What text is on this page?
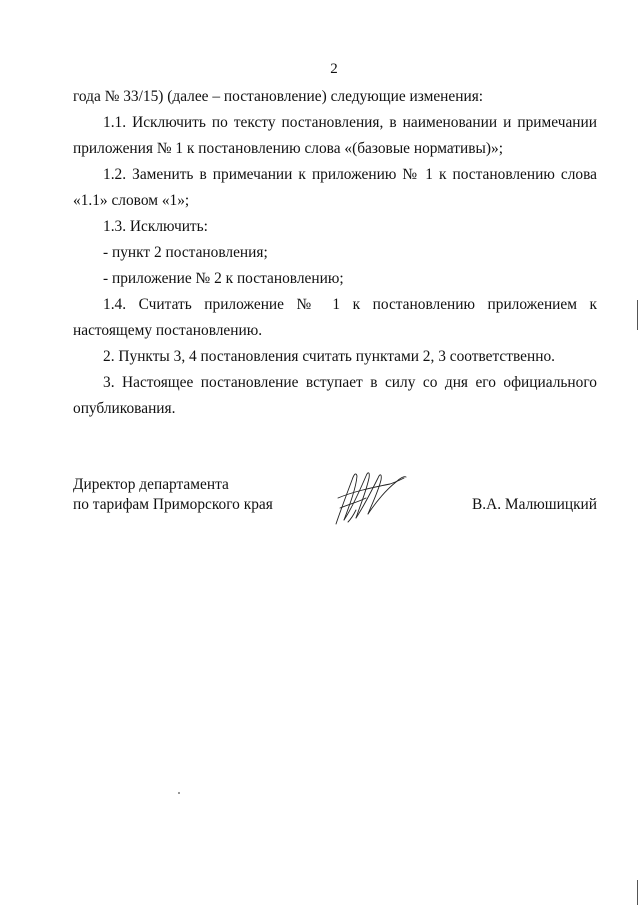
2

года № 33/15) (далее – постановление) следующие изменения:

1.1. Исключить по тексту постановления, в наименовании и примечании приложения № 1 к постановлению слова «(базовые нормативы)»;

1.2. Заменить в примечании к приложению № 1 к постановлению слова «1.1» словом «1»;

1.3. Исключить:

- пункт 2 постановления;

- приложение № 2 к постановлению;

1.4. Считать приложение № 1 к постановлению приложением к настоящему постановлению.

2. Пункты 3, 4 постановления считать пунктами 2, 3 соответственно.

3. Настоящее постановление вступает в силу со дня его официального опубликования.

Директор департамента
по тарифам Приморского края	В.А. Малюшицкий
